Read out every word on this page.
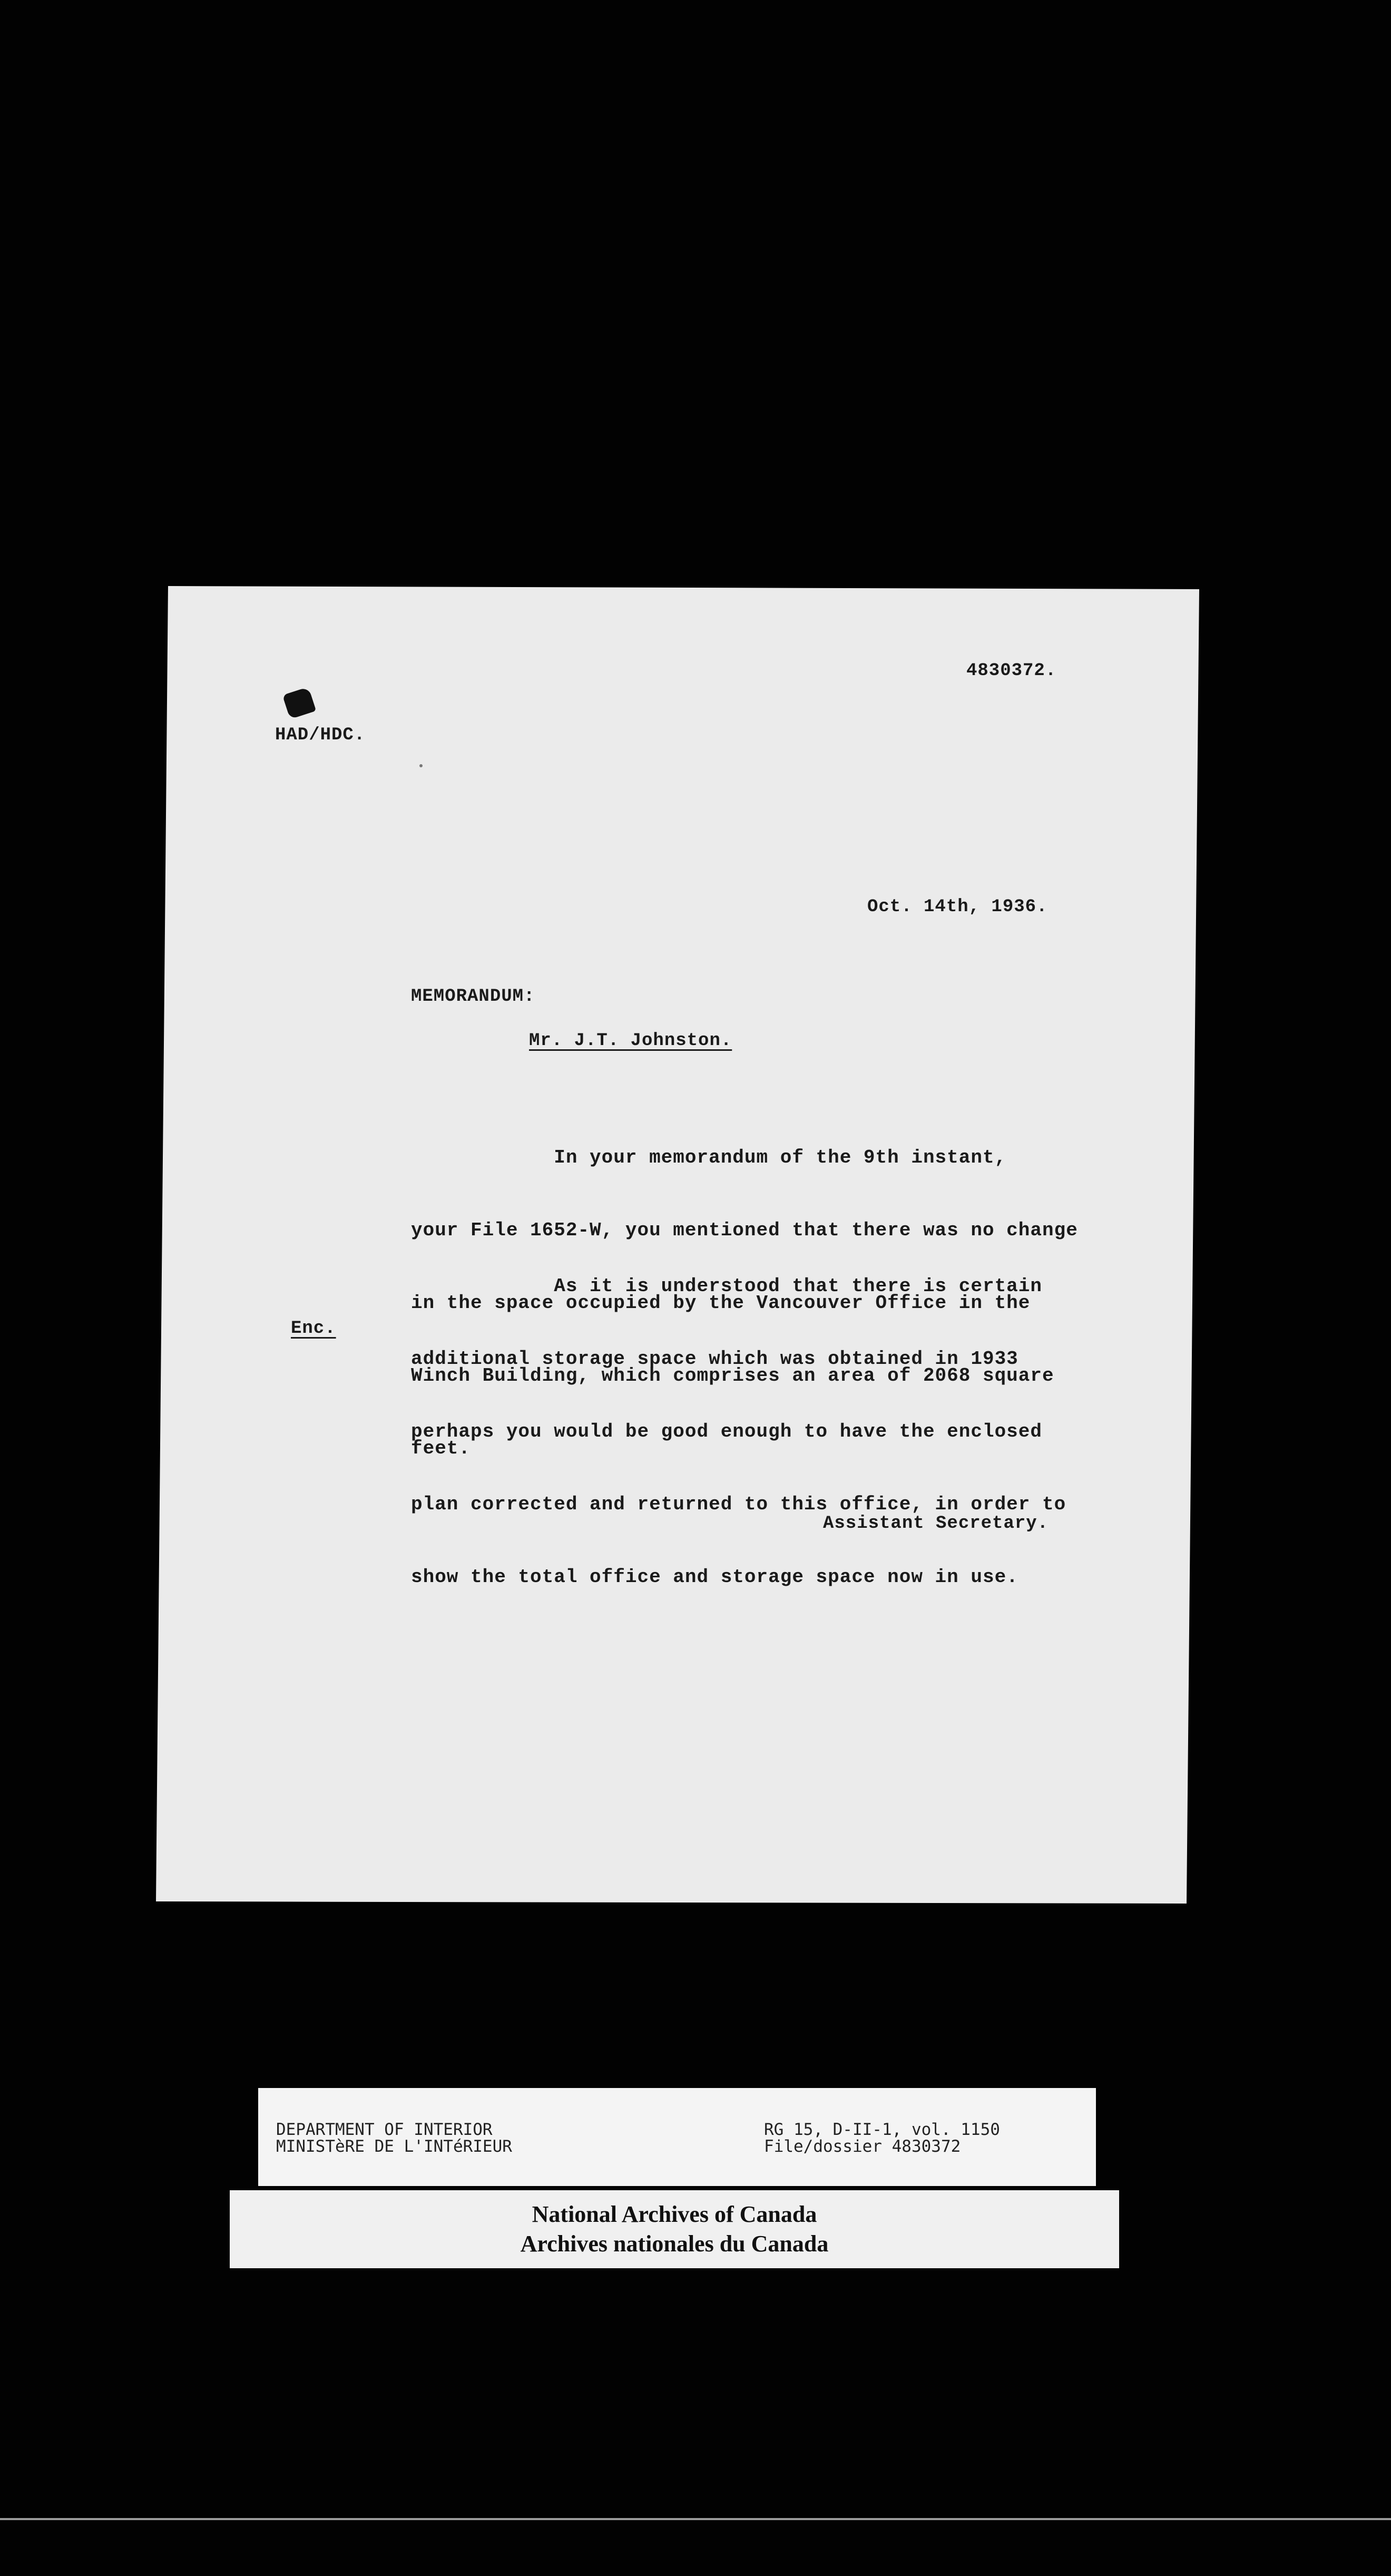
4830372.
HAD/HDC.
Oct. 14th, 1936.
MEMORANDUM:
Mr. J.T. Johnston.

In your memorandum of the 9th instant,

your File 1652-W, you mentioned that there was no change

in the space occupied by the Vancouver Office in the

Winch Building, which comprises an area of 2068 square

feet.

As it is understood that there is certain

additional storage space which was obtained in 1933

perhaps you would be good enough to have the enclosed

plan corrected and returned to this office, in order to

show the total office and storage space now in use.

Enc.
Assistant Secretary.
DEPARTMENT OF INTERIOR
MINISTèRE DE L'INTéRIEUR
RG 15, D-II-1, vol. 1150
File/dossier 4830372
National Archives of Canada
Archives nationales du Canada
